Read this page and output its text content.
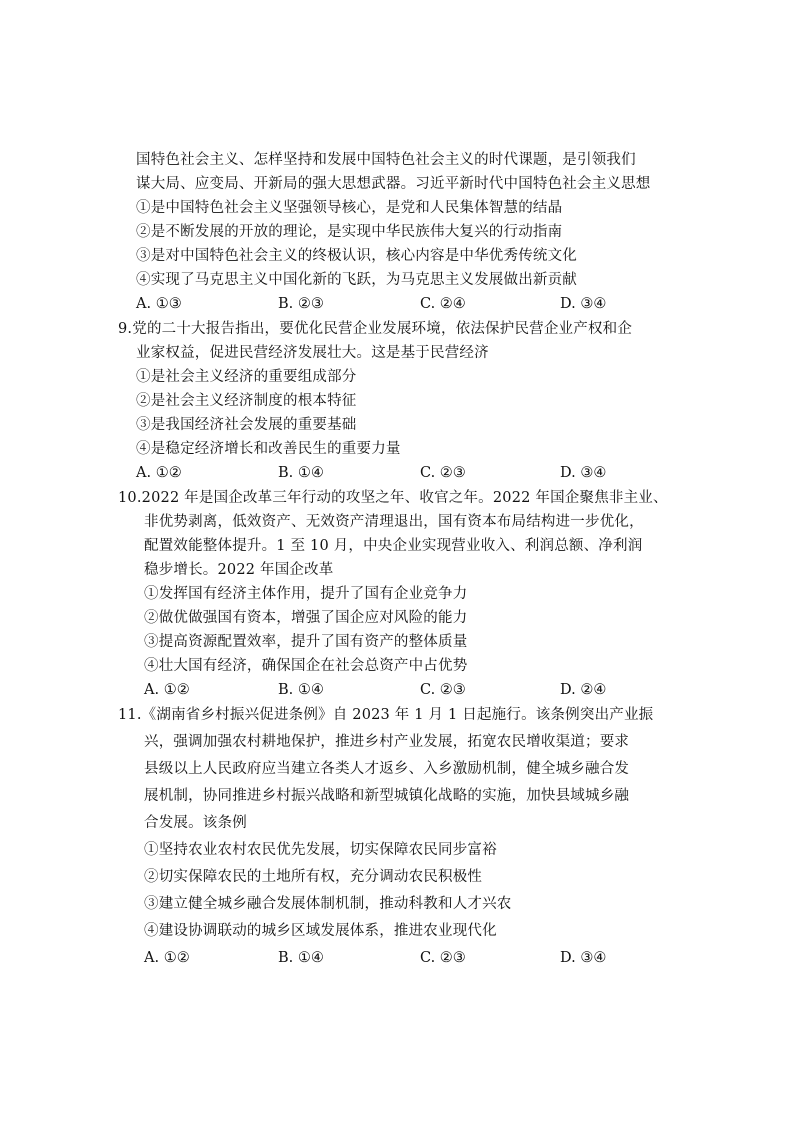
国特色社会主义、怎样坚持和发展中国特色社会主义的时代课题，是引领我们
谋大局、应变局、开新局的强大思想武器。习近平新时代中国特色社会主义思想
①是中国特色社会主义坚强领导核心，是党和人民集体智慧的结晶
②是不断发展的开放的理论，是实现中华民族伟大复兴的行动指南
③是对中国特色社会主义的终极认识，核心内容是中华优秀传统文化
④实现了马克思主义中国化新的飞跃，为马克思主义发展做出新贡献
A. ①③	B. ②③	C. ②④	D. ③④
9.党的二十大报告指出，要优化民营企业发展环境，依法保护民营企业产权和企
业家权益，促进民营经济发展壮大。这是基于民营经济
①是社会主义经济的重要组成部分
②是社会主义经济制度的根本特征
③是我国经济社会发展的重要基础
④是稳定经济增长和改善民生的重要力量
A. ①②	B. ①④	C. ②③	D. ③④
10.2022 年是国企改革三年行动的攻坚之年、收官之年。2022 年国企聚焦非主业、
非优势剥离，低效资产、无效资产清理退出，国有资本布局结构进一步优化，
配置效能整体提升。1 至 10 月，中央企业实现营业收入、利润总额、净利润
稳步增长。2022 年国企改革
①发挥国有经济主体作用，提升了国有企业竞争力
②做优做强国有资本，增强了国企应对风险的能力
③提高资源配置效率，提升了国有资产的整体质量
④壮大国有经济，确保国企在社会总资产中占优势
A. ①②	B. ①④	C. ②③	D. ②④
11.《湖南省乡村振兴促进条例》自 2023 年 1 月 1 日起施行。该条例突出产业振
兴，强调加强农村耕地保护，推进乡村产业发展，拓宽农民增收渠道；要求
县级以上人民政府应当建立各类人才返乡、入乡激励机制，健全城乡融合发
展机制，协同推进乡村振兴战略和新型城镇化战略的实施，加快县域城乡融
合发展。该条例
①坚持农业农村农民优先发展，切实保障农民同步富裕
②切实保障农民的土地所有权，充分调动农民积极性
③建立健全城乡融合发展体制机制，推动科教和人才兴农
④建设协调联动的城乡区域发展体系，推进农业现代化
A. ①②	B. ①④	C. ②③	D. ③④
